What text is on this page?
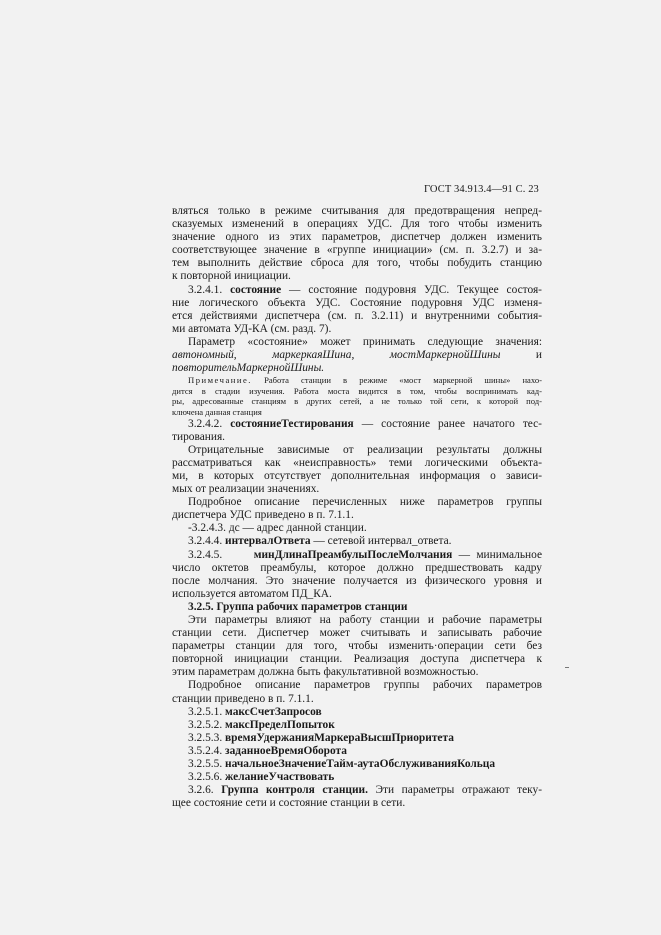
ГОСТ 34.913.4—91 С. 23

вляться только в режиме считывания для предотвращения непред-
сказуемых изменений в операциях УДС. Для того чтобы изменить
значение одного из этих параметров, диспетчер должен изменить
соответствующее значение в «группе инициации» (см. п. 3.2.7) и за-
тем выполнить действие сброса для того, чтобы побудить станцию
к повторной инициации.

3.2.4.1. состояние — состояние подуровня УДС. Текущее состоя-
ние логического объекта УДС. Состояние подуровня УДС изменя-
ется действиями диспетчера (см. п. 3.2.11) и внутренними события-
ми автомата УД-КА (см. разд. 7).

Параметр «состояние» может принимать следующие значения:
автономный,	маркеркаяШина,	мостМаркернойШины	и
повторительМаркернойШины.

Примечание. Работа станции в режиме «мост маркерной шины» нахо-
дится в стадии изучения. Работа моста видится в том, чтобы воспринимать кад-
ры, адресованные станциям в других сетей, а не только той сети, к которой под-
ключена данная станция

3.2.4.2. состояниеТестирования — состояние ранее начатого тес-
тирования.

Отрицательные зависимые от реализации результаты должны
рассматриваться как «неисправность» теми логическими объекта-
ми, в которых отсутствует дополнительная информация о зависи-
мых от реализации значениях.

Подробное описание перечисленных ниже параметров группы
диспетчера УДС приведено в п. 7.1.1.

-3.2.4.3. дс — адрес данной станции.

3.2.4.4. интервалОтвета — сетевой интервал_ответа.

3.2.4.5.	минДлинаПреамбулыПослеМолчания — минимальное
число октетов преамбулы, которое должно предшествовать кадру
после молчания. Это значение получается из физического уровня и
используется автоматом ПД_КА.

3.2.5. Группа рабочих параметров станции

Эти параметры влияют на работу станции и рабочие параметры
станции сети. Диспетчер может считывать и записывать рабочие
параметры станции для того, чтобы изменить·операции сети без
повторной инициации станции. Реализация доступа диспетчера к
этим параметрам должна быть факультативной возможностью.

Подробное описание параметров группы рабочих параметров
станции приведено в п. 7.1.1.

3.2.5.1. максСчетЗапросов

3.2.5.2. максПределПопыток

3.2.5.3. времяУдержанияМаркераВысшПриоритета

3.5.2.4. заданноеВремяОборота

3.2.5.5. начальноеЗначениеТайм-аутаОбслуживанияКольца

3.2.5.6. желаниеУчаствовать

3.2.6. Группа контроля станции. Эти параметры отражают теку-
щее состояние сети и состояние станции в сети.
